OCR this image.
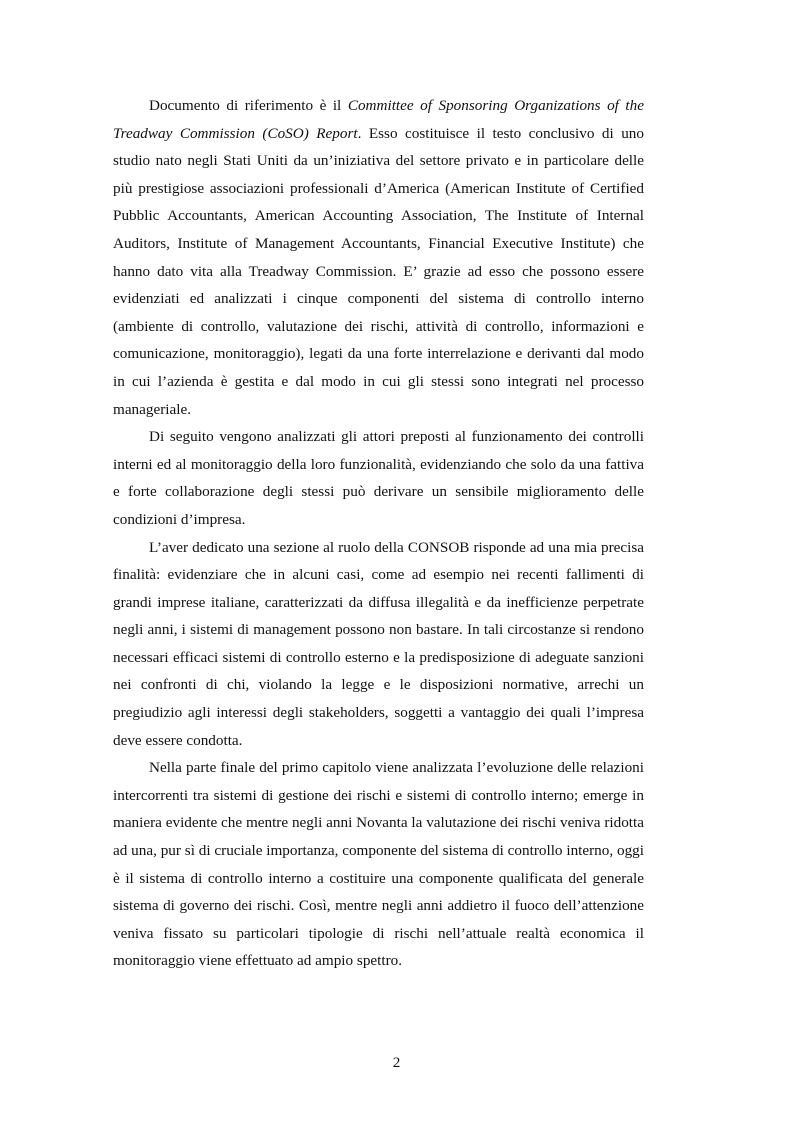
Documento di riferimento è il Committee of Sponsoring Organizations of the Treadway Commission (CoSO) Report. Esso costituisce il testo conclusivo di uno studio nato negli Stati Uniti da un’iniziativa del settore privato e in particolare delle più prestigiose associazioni professionali d’America (American Institute of Certified Pubblic Accountants, American Accounting Association, The Institute of Internal Auditors, Institute of Management Accountants, Financial Executive Institute) che hanno dato vita alla Treadway Commission. E’ grazie ad esso che possono essere evidenziati ed analizzati i cinque componenti del sistema di controllo interno (ambiente di controllo, valutazione dei rischi, attività di controllo, informazioni e comunicazione, monitoraggio), legati da una forte interrelazione e derivanti dal modo in cui l’azienda è gestita e dal modo in cui gli stessi sono integrati nel processo manageriale.

Di seguito vengono analizzati gli attori preposti al funzionamento dei controlli interni ed al monitoraggio della loro funzionalità, evidenziando che solo da una fattiva e forte collaborazione degli stessi può derivare un sensibile miglioramento delle condizioni d’impresa.

L’aver dedicato una sezione al ruolo della CONSOB risponde ad una mia precisa finalità: evidenziare che in alcuni casi, come ad esempio nei recenti fallimenti di grandi imprese italiane, caratterizzati da diffusa illegalità e da inefficienze perpetrate negli anni, i sistemi di management possono non bastare. In tali circostanze si rendono necessari efficaci sistemi di controllo esterno e la predisposizione di adeguate sanzioni nei confronti di chi, violando la legge e le disposizioni normative, arrechi un pregiudizio agli interessi degli stakeholders, soggetti a vantaggio dei quali l’impresa deve essere condotta.

Nella parte finale del primo capitolo viene analizzata l’evoluzione delle relazioni intercorrenti tra sistemi di gestione dei rischi e sistemi di controllo interno; emerge in maniera evidente che mentre negli anni Novanta la valutazione dei rischi veniva ridotta ad una, pur sì di cruciale importanza, componente del sistema di controllo interno, oggi è il sistema di controllo interno a costituire una componente qualificata del generale sistema di governo dei rischi. Così, mentre negli anni addietro il fuoco dell’attenzione veniva fissato su particolari tipologie di rischi nell’attuale realtà economica il monitoraggio viene effettuato ad ampio spettro.

2
